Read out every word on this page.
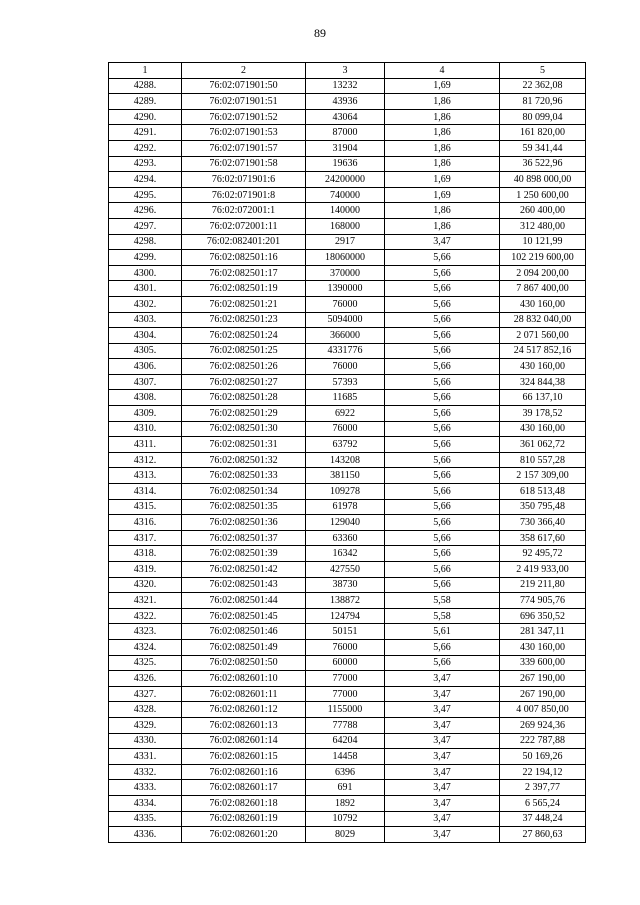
89
1	2	3	4	5
4288.	76:02:071901:50	13232	1,69	22 362,08
4289.	76:02:071901:51	43936	1,86	81 720,96
4290.	76:02:071901:52	43064	1,86	80 099,04
4291.	76:02:071901:53	87000	1,86	161 820,00
4292.	76:02:071901:57	31904	1,86	59 341,44
4293.	76:02:071901:58	19636	1,86	36 522,96
4294.	76:02:071901:6	24200000	1,69	40 898 000,00
4295.	76:02:071901:8	740000	1,69	1 250 600,00
4296.	76:02:072001:1	140000	1,86	260 400,00
4297.	76:02:072001:11	168000	1,86	312 480,00
4298.	76:02:082401:201	2917	3,47	10 121,99
4299.	76:02:082501:16	18060000	5,66	102 219 600,00
4300.	76:02:082501:17	370000	5,66	2 094 200,00
4301.	76:02:082501:19	1390000	5,66	7 867 400,00
4302.	76:02:082501:21	76000	5,66	430 160,00
4303.	76:02:082501:23	5094000	5,66	28 832 040,00
4304.	76:02:082501:24	366000	5,66	2 071 560,00
4305.	76:02:082501:25	4331776	5,66	24 517 852,16
4306.	76:02:082501:26	76000	5,66	430 160,00
4307.	76:02:082501:27	57393	5,66	324 844,38
4308.	76:02:082501:28	11685	5,66	66 137,10
4309.	76:02:082501:29	6922	5,66	39 178,52
4310.	76:02:082501:30	76000	5,66	430 160,00
4311.	76:02:082501:31	63792	5,66	361 062,72
4312.	76:02:082501:32	143208	5,66	810 557,28
4313.	76:02:082501:33	381150	5,66	2 157 309,00
4314.	76:02:082501:34	109278	5,66	618 513,48
4315.	76:02:082501:35	61978	5,66	350 795,48
4316.	76:02:082501:36	129040	5,66	730 366,40
4317.	76:02:082501:37	63360	5,66	358 617,60
4318.	76:02:082501:39	16342	5,66	92 495,72
4319.	76:02:082501:42	427550	5,66	2 419 933,00
4320.	76:02:082501:43	38730	5,66	219 211,80
4321.	76:02:082501:44	138872	5,58	774 905,76
4322.	76:02:082501:45	124794	5,58	696 350,52
4323.	76:02:082501:46	50151	5,61	281 347,11
4324.	76:02:082501:49	76000	5,66	430 160,00
4325.	76:02:082501:50	60000	5,66	339 600,00
4326.	76:02:082601:10	77000	3,47	267 190,00
4327.	76:02:082601:11	77000	3,47	267 190,00
4328.	76:02:082601:12	1155000	3,47	4 007 850,00
4329.	76:02:082601:13	77788	3,47	269 924,36
4330.	76:02:082601:14	64204	3,47	222 787,88
4331.	76:02:082601:15	14458	3,47	50 169,26
4332.	76:02:082601:16	6396	3,47	22 194,12
4333.	76:02:082601:17	691	3,47	2 397,77
4334.	76:02:082601:18	1892	3,47	6 565,24
4335.	76:02:082601:19	10792	3,47	37 448,24
4336.	76:02:082601:20	8029	3,47	27 860,63
